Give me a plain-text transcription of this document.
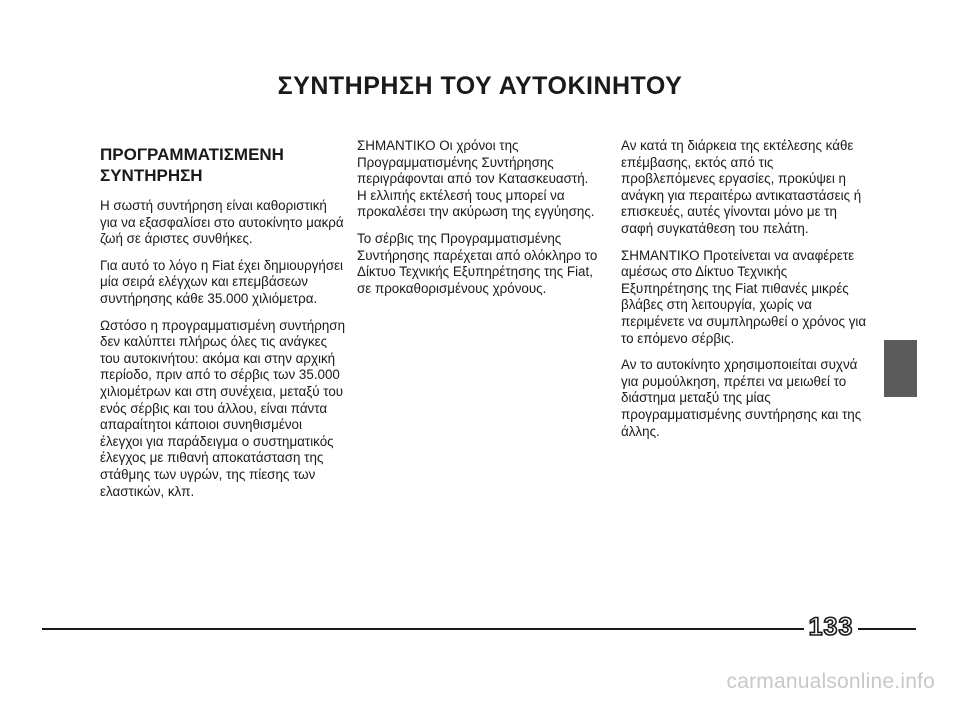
ΣΥΝΤΗΡΗΣΗ ΤΟΥ ΑΥΤΟΚΙΝΗΤΟΥ
ΠΡΟΓΡΑΜΜΑΤΙΣΜΕΝΗ ΣΥΝΤΗΡΗΣΗ

Η σωστή συντήρηση είναι καθοριστική για να εξασφαλίσει στο αυτοκίνητο μακρά ζωή σε άριστες συνθήκες.

Για αυτό το λόγο η Fiat έχει δημιουργήσει μία σειρά ελέγχων και επεμβάσεων συντήρησης κάθε 35.000 χιλιόμετρα.

Ωστόσο η προγραμματισμένη συντήρηση δεν καλύπτει πλήρως όλες τις ανάγκες του αυτοκινήτου: ακόμα και στην αρχική περίοδο, πριν από το σέρβις των 35.000 χιλιομέτρων και στη συνέχεια, μεταξύ του ενός σέρβις και του άλλου, είναι πάντα απαραίτητοι κάποιοι συνηθισμένοι έλεγχοι για παράδειγμα ο συστηματικός έλεγχος με πιθανή αποκατάσταση της στάθμης των υγρών, της πίεσης των ελαστικών, κλπ.

ΣΗΜΑΝΤΙΚΟ Οι χρόνοι της Προγραμματισμένης Συντήρησης περιγράφονται από τον Κατασκευαστή.

Η ελλιπής εκτέλεσή τους μπορεί να προκαλέσει την ακύρωση της εγγύησης.

Το σέρβις της Προγραμματισμένης Συντήρησης παρέχεται από ολόκληρο το Δίκτυο Τεχνικής Εξυπηρέτησης της Fiat, σε προκαθορισμένους χρόνους.

Αν κατά τη διάρκεια της εκτέλεσης κάθε επέμβασης, εκτός από τις προβλεπόμενες εργασίες, προκύψει η ανάγκη για περαιτέρω αντικαταστάσεις ή επισκευές, αυτές γίνονται μόνο με τη σαφή συγκατάθεση του πελάτη.

ΣΗΜΑΝΤΙΚΟ Προτείνεται να αναφέρετε αμέσως στο Δίκτυο Τεχνικής Εξυπηρέτησης της Fiat πιθανές μικρές βλάβες στη λειτουργία, χωρίς να περιμένετε να συμπληρωθεί ο χρόνος για το επόμενο σέρβις.

Αν το αυτοκίνητο χρησιμοποιείται συχνά για ρυμούλκηση, πρέπει να μειωθεί το διάστημα μεταξύ της μίας προγραμματισμένης συντήρησης και της άλλης.

133
carmanualsonline.info
